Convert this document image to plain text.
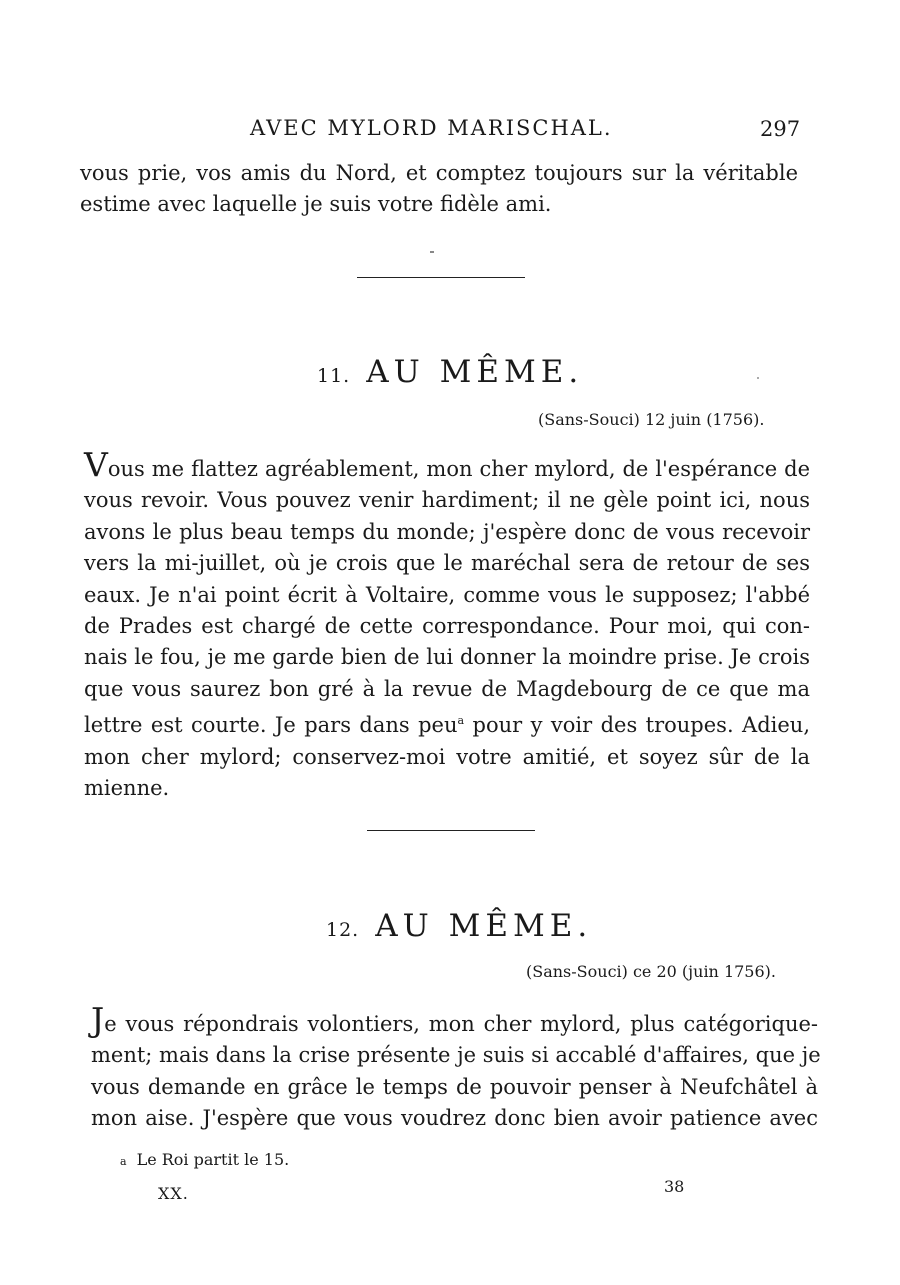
AVEC MYLORD MARISCHAL.	297
vous prie, vos amis du Nord, et comptez toujours sur la véritable
estime avec laquelle je suis votre fidèle ami.
11. AU MÊME.
(Sans-Souci) 12 juin (1756).
Vous me flattez agréablement, mon cher mylord, de l'espérance de
vous revoir. Vous pouvez venir hardiment; il ne gèle point ici, nous
avons le plus beau temps du monde; j'espère donc de vous recevoir
vers la mi-juillet, où je crois que le maréchal sera de retour de ses
eaux. Je n'ai point écrit à Voltaire, comme vous le supposez; l'abbé
de Prades est chargé de cette correspondance. Pour moi, qui con-
nais le fou, je me garde bien de lui donner la moindre prise. Je crois
que vous saurez bon gré à la revue de Magdebourg de ce que ma
lettre est courte. Je pars dans peu$^a$ pour y voir des troupes. Adieu,
mon cher mylord; conservez-moi votre amitié, et soyez sûr de la
mienne.
12. AU MÊME.
(Sans-Souci) ce 20 (juin 1756).
Je vous répondrais volontiers, mon cher mylord, plus catégorique-
ment; mais dans la crise présente je suis si accablé d'affaires, que je
vous demande en grâce le temps de pouvoir penser à Neufchâtel à
mon aise. J'espère que vous voudrez donc bien avoir patience avec
a Le Roi partit le 15.
XX.	38
